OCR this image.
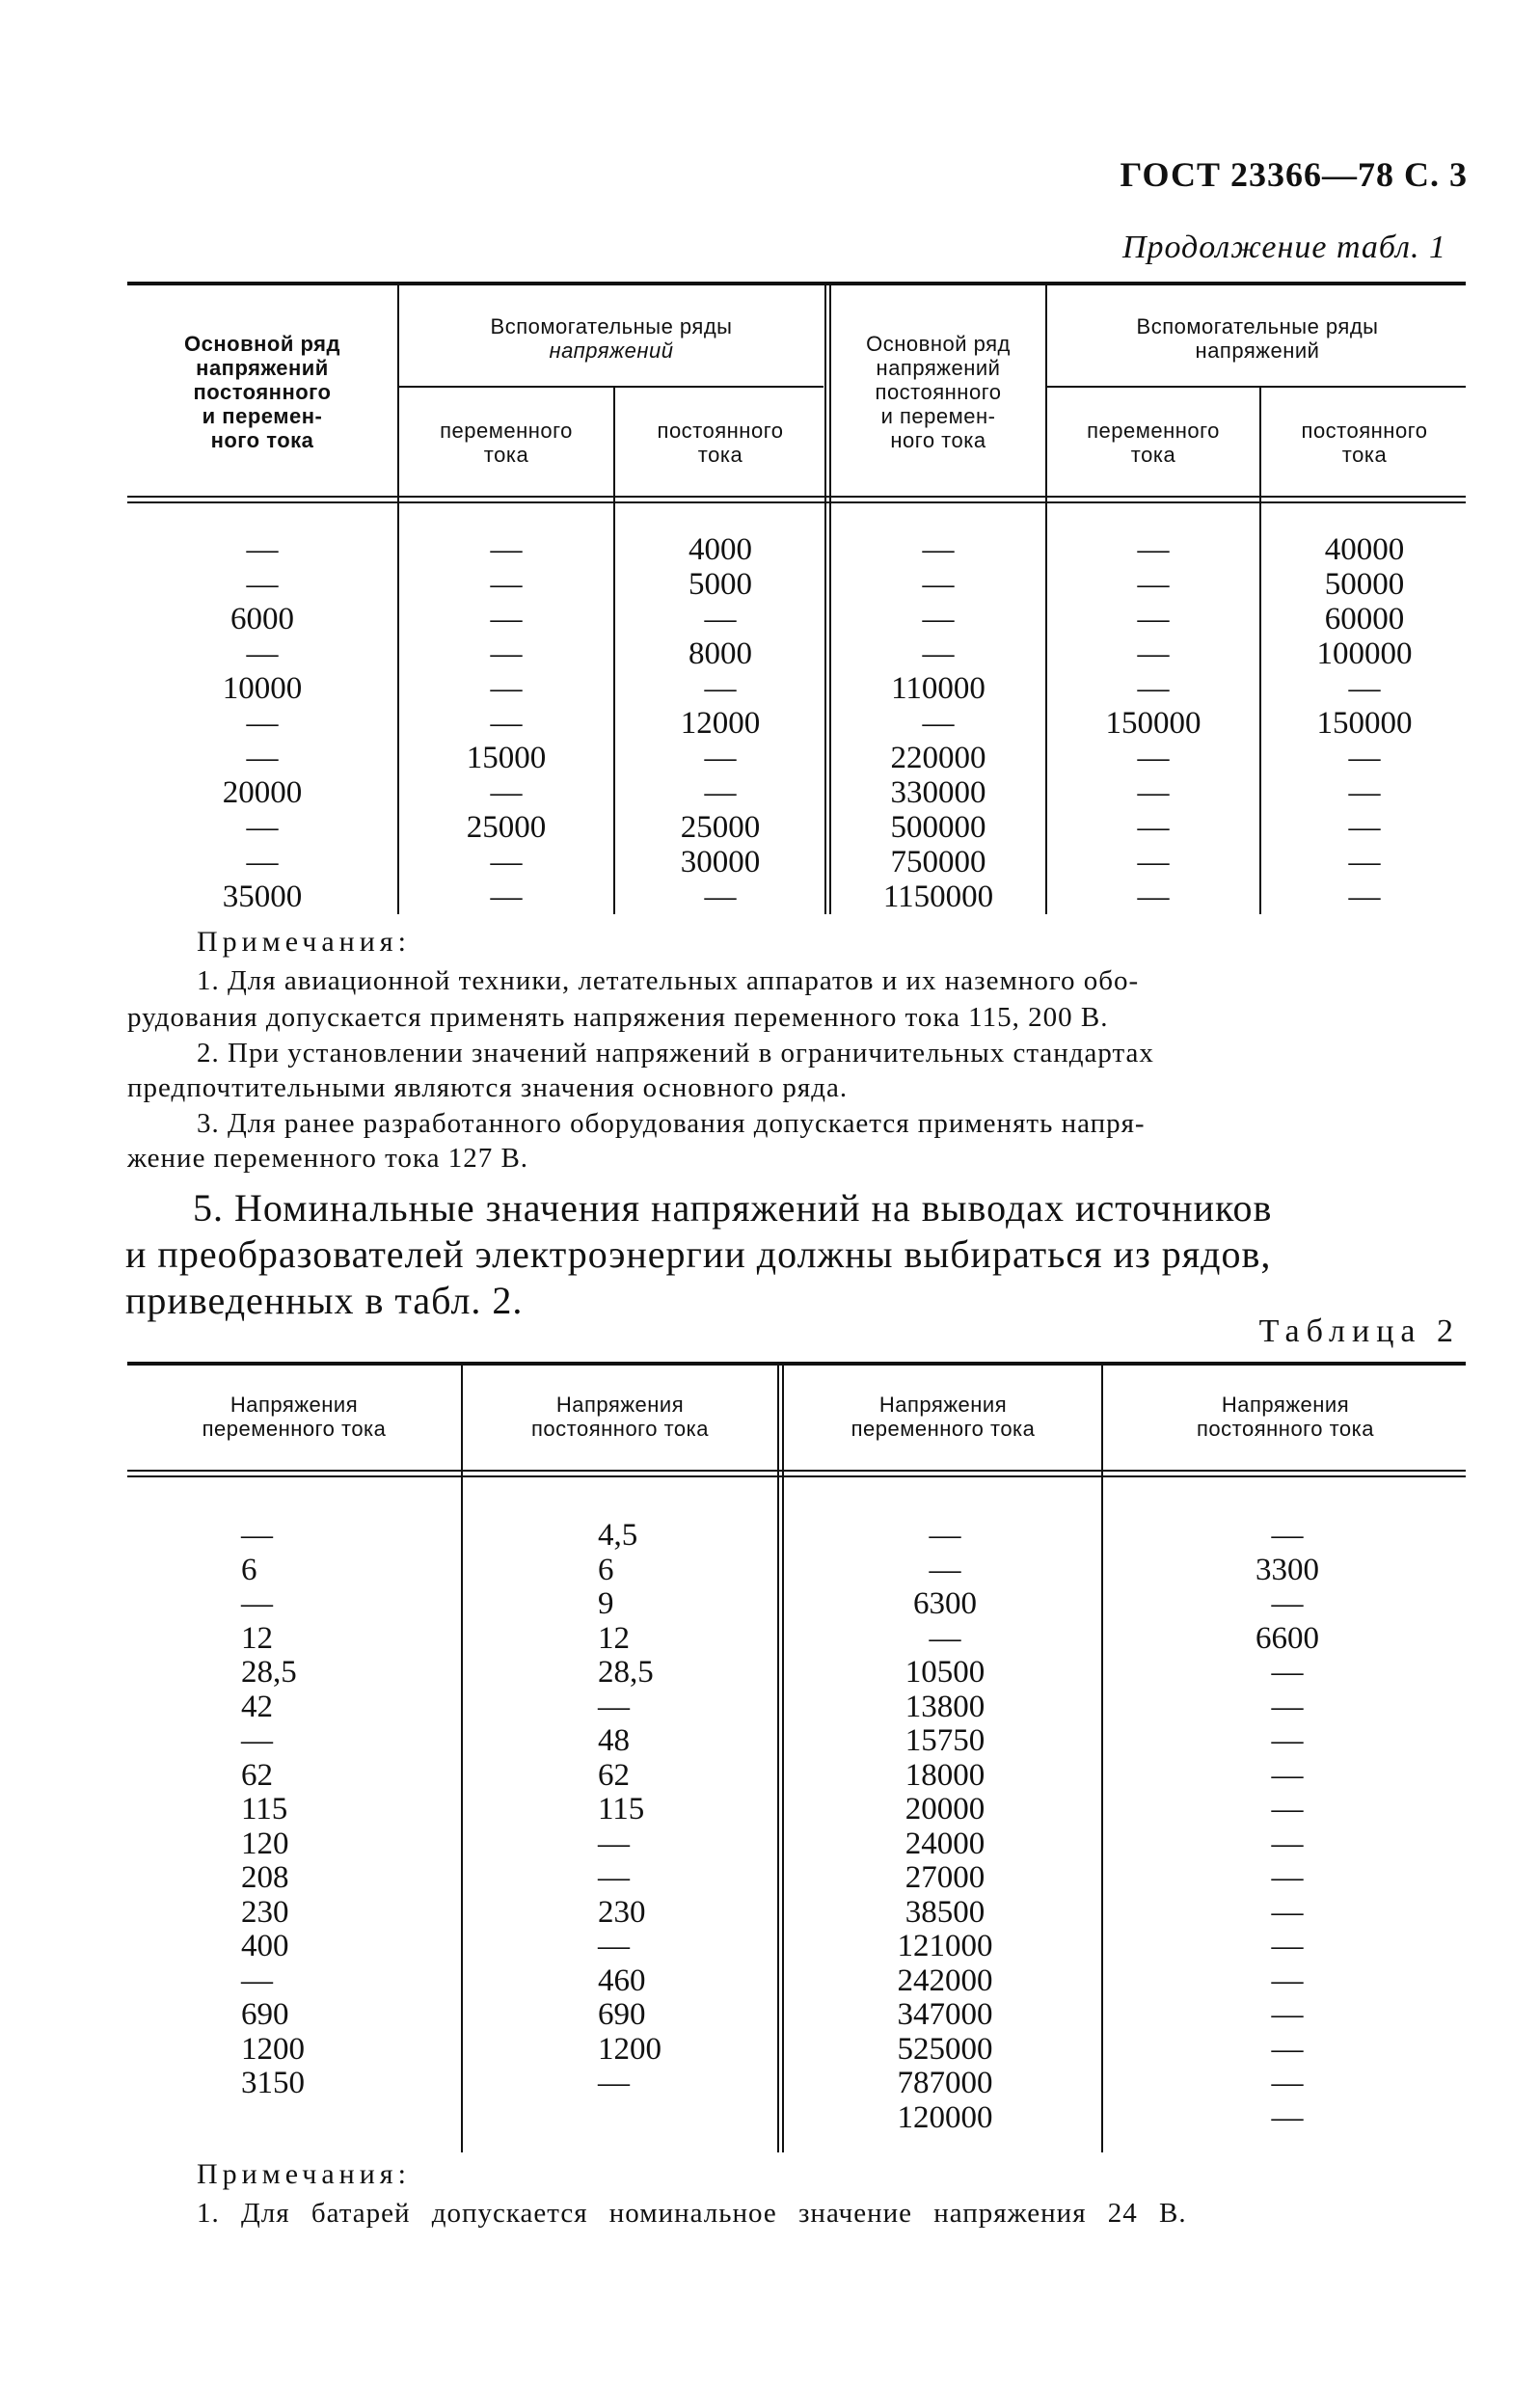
ГОСТ 23366—78 С. 3
Продолжение табл. 1
Основной ряд
напряжений
постоянного
и перемен-
ного тока
Вспомогательные ряды
напряжений
переменного
тока
постоянного
тока
Основной ряд
напряжений
постоянного
и перемен-
ного тока
Вспомогательные ряды
напряжений
переменного
тока
постоянного
тока
—
—
6000
—
10000
—
—
20000
—
—
35000
—
—
—
—
—
—
15000
—
25000
—
—
4000
5000
—
8000
—
12000
—
—
25000
30000
—
—
—
—
—
110000
—
220000
330000
500000
750000
1150000
—
—
—
—
—
150000
—
—
—
—
—
40000
50000
60000
100000
—
150000
—
—
—
—
—
Примечания:
1. Для авиационной техники, летательных аппаратов и их наземного обо-
рудования допускается применять напряжения переменного тока 115, 200 В.
2. При установлении значений напряжений в ограничительных стандартах
предпочтительными являются значения основного ряда.
3. Для ранее разработанного оборудования допускается применять напря-
жение переменного тока 127 В.
5. Номинальные значения напряжений на выводах источников
и преобразователей электроэнергии должны выбираться из рядов,
приведенных в табл. 2.
Таблица 2
Напряжения
переменного тока
Напряжения
постоянного тока
Напряжения
переменного тока
Напряжения
постоянного тока
—
6
—
12
28,5
42
—
62
115
120
208
230
400
—
690
1200
3150
4,5
6
9
12
28,5
—
48
62
115
—
—
230
—
460
690
1200
—
—
—
6300
—
10500
13800
15750
18000
20000
24000
27000
38500
121000
242000
347000
525000
787000
120000
—
3300
—
6600
—
—
—
—
—
—
—
—
—
—
—
—
—
—
Примечания:
1. Для батарей допускается номинальное значение напряжения 24 В.
